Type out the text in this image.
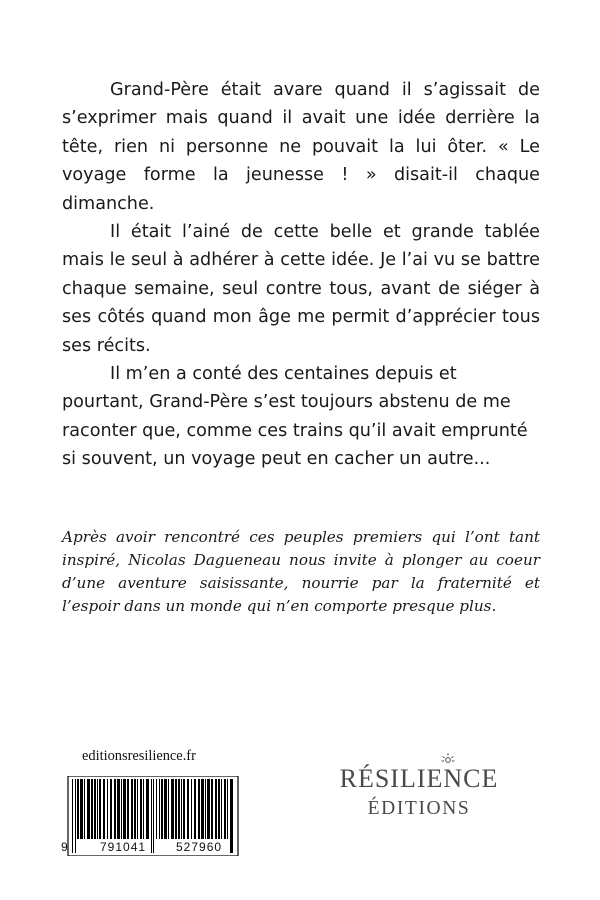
Grand-Père était avare quand il s’agissait de s’exprimer mais quand il avait une idée derrière la tête, rien ni personne ne pouvait la lui ôter. « Le voyage forme la jeunesse ! » disait-il chaque dimanche.

Il était l’ainé de cette belle et grande tablée mais le seul à adhérer à cette idée. Je l’ai vu se battre chaque semaine, seul contre tous, avant de siéger à ses côtés quand mon âge me permit d’apprécier tous ses récits.

Il m’en a conté des centaines depuis et pourtant, Grand-Père s’est toujours abstenu de me raconter que, comme ces trains qu’il avait emprunté si souvent, un voyage peut en cacher un autre...

Après avoir rencontré ces peuples premiers qui l’ont tant inspiré, Nicolas Dagueneau nous invite à plonger au coeur d’une aventure saisissante, nourrie par la fraternité et l’espoir dans un monde qui n’en comporte presque plus.

editionsresilience.fr
9	791041 527960
RÉSILIENCE
ÉDITIONS
